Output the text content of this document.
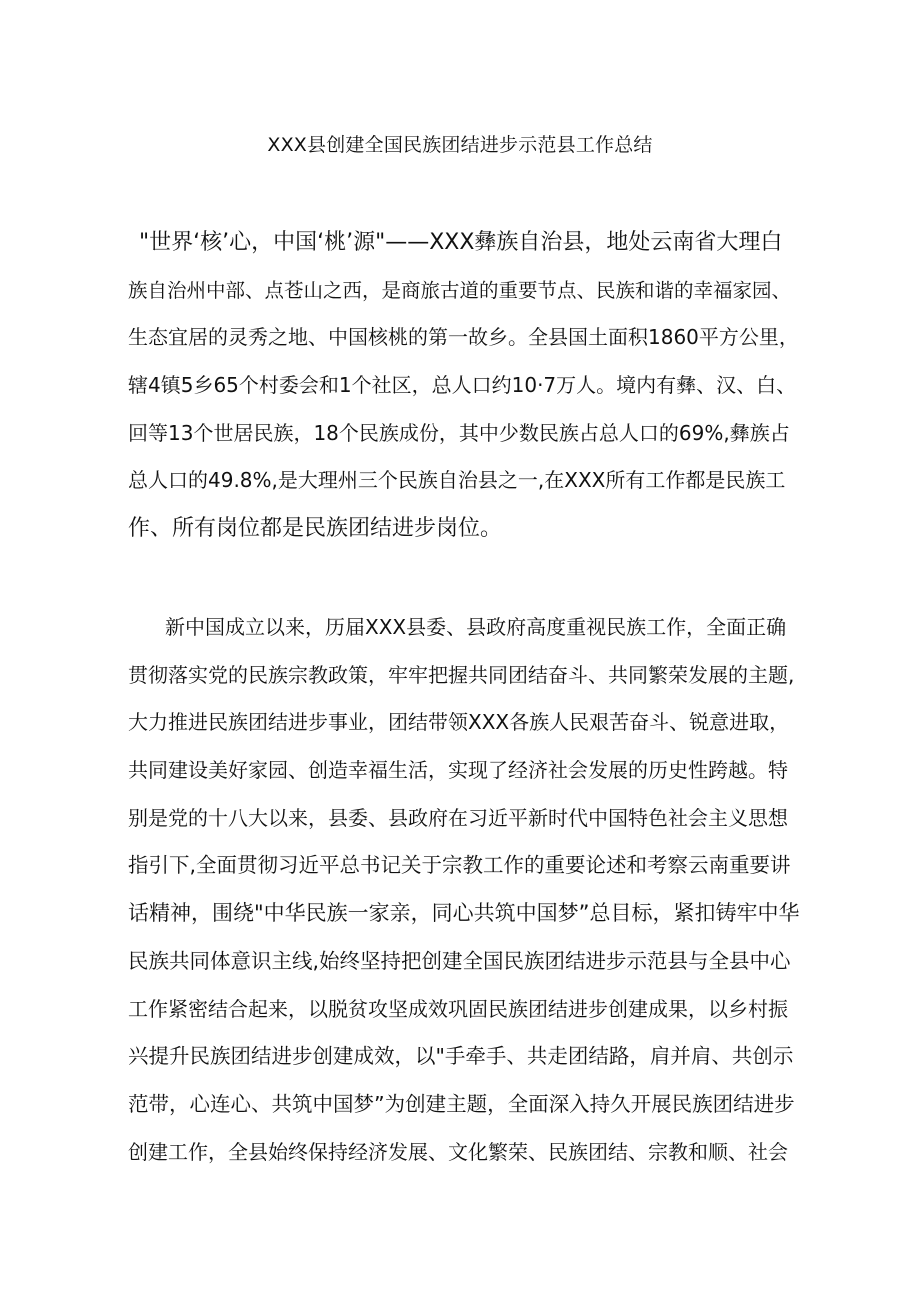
XXX县创建全国民族团结进步示范县工作总结
"世界‘核’心，中国‘桃’源"——XXX彝族自治县，地处云南省大理白
族自治州中部、点苍山之西，是商旅古道的重要节点、民族和谐的幸福家园、
生态宜居的灵秀之地、中国核桃的第一故乡。全县国土面积1860平方公里，
辖4镇5乡65个村委会和1个社区，总人口约10·7万人。境内有彝、汉、白、
回等13个世居民族，18个民族成份，其中少数民族占总人口的69%,彝族占
总人口的49.8%,是大理州三个民族自治县之一,在XXX所有工作都是民族工
作、所有岗位都是民族团结进步岗位。
新中国成立以来，历届XXX县委、县政府高度重视民族工作，全面正确
贯彻落实党的民族宗教政策，牢牢把握共同团结奋斗、共同繁荣发展的主题,
大力推进民族团结进步事业，团结带领XXX各族人民艰苦奋斗、锐意进取，
共同建设美好家园、创造幸福生活，实现了经济社会发展的历史性跨越。特
别是党的十八大以来，县委、县政府在习近平新时代中国特色社会主义思想
指引下,全面贯彻习近平总书记关于宗教工作的重要论述和考察云南重要讲
话精神，围绕"中华民族一家亲，同心共筑中国梦”总目标，紧扣铸牢中华
民族共同体意识主线,始终坚持把创建全国民族团结进步示范县与全县中心
工作紧密结合起来，以脱贫攻坚成效巩固民族团结进步创建成果，以乡村振
兴提升民族团结进步创建成效，以"手牵手、共走团结路，肩并肩、共创示
范带，心连心、共筑中国梦”为创建主题，全面深入持久开展民族团结进步
创建工作，全县始终保持经济发展、文化繁荣、民族团结、宗教和顺、社会
